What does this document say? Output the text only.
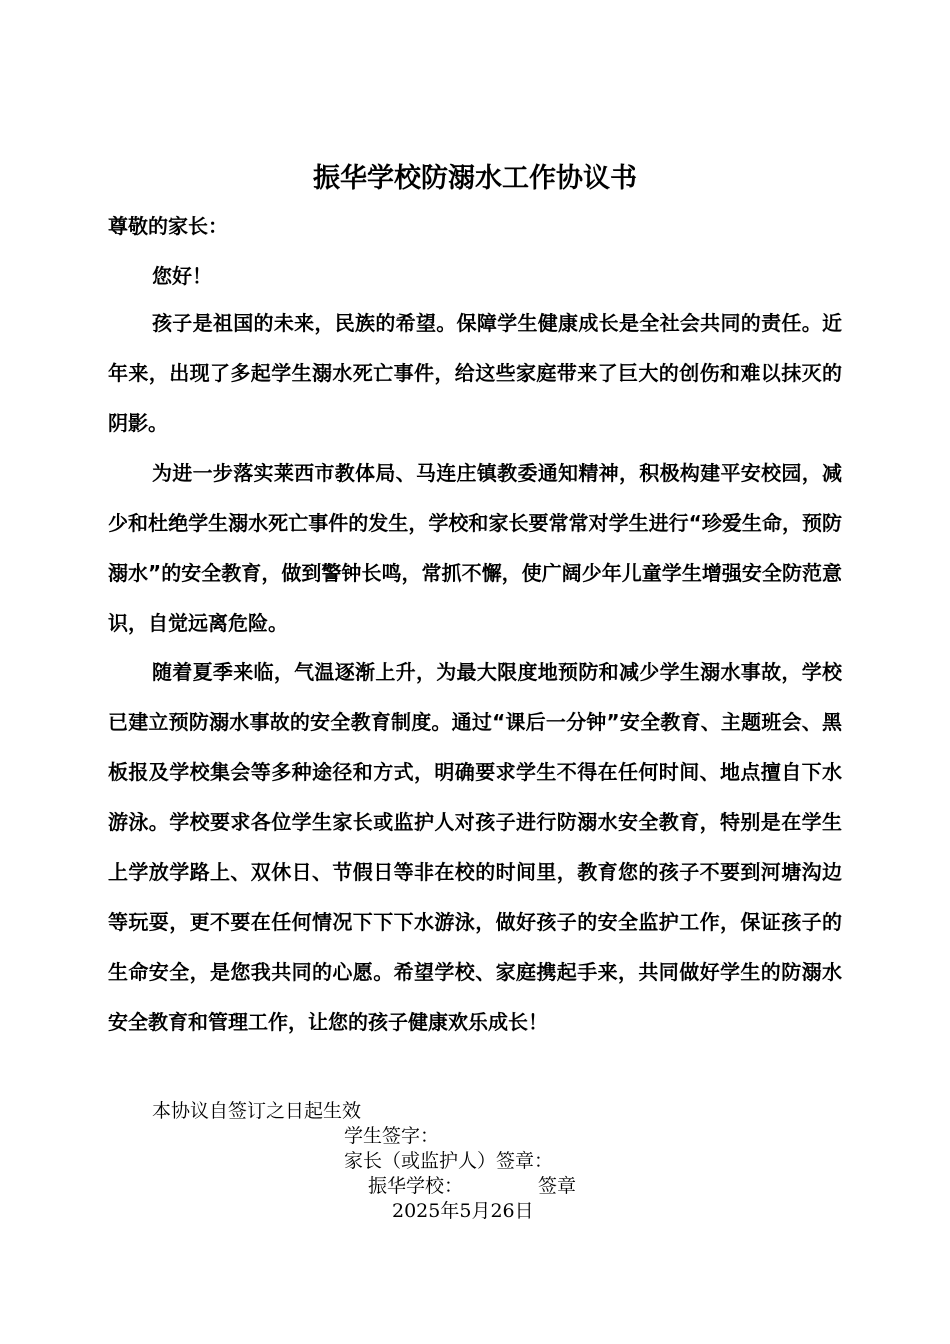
振华学校防溺水工作协议书
尊敬的家长：
您好！

孩子是祖国的未来，民族的希望。保障学生健康成长是全社会共同的责任。近年来，出现了多起学生溺水死亡事件，给这些家庭带来了巨大的创伤和难以抹灭的阴影。

为进一步落实莱西市教体局、马连庄镇教委通知精神，积极构建平安校园，减少和杜绝学生溺水死亡事件的发生，学校和家长要常常对学生进行“珍爱生命，预防溺水”的安全教育，做到警钟长鸣，常抓不懈，使广阔少年儿童学生增强安全防范意识，自觉远离危险。

随着夏季来临，气温逐渐上升，为最大限度地预防和减少学生溺水事故，学校已建立预防溺水事故的安全教育制度。通过“课后一分钟”安全教育、主题班会、黑板报及学校集会等多种途径和方式，明确要求学生不得在任何时间、地点擅自下水游泳。学校要求各位学生家长或监护人对孩子进行防溺水安全教育，特别是在学生上学放学路上、双休日、节假日等非在校的时间里，教育您的孩子不要到河塘沟边等玩耍，更不要在任何情况下下下水游泳，做好孩子的安全监护工作，保证孩子的生命安全，是您我共同的心愿。希望学校、家庭携起手来，共同做好学生的防溺水安全教育和管理工作，让您的孩子健康欢乐成长！

本协议自签订之日起生效
学生签字：
家长（或监护人）签章：
振华学校：	签章
2025年5月26日
